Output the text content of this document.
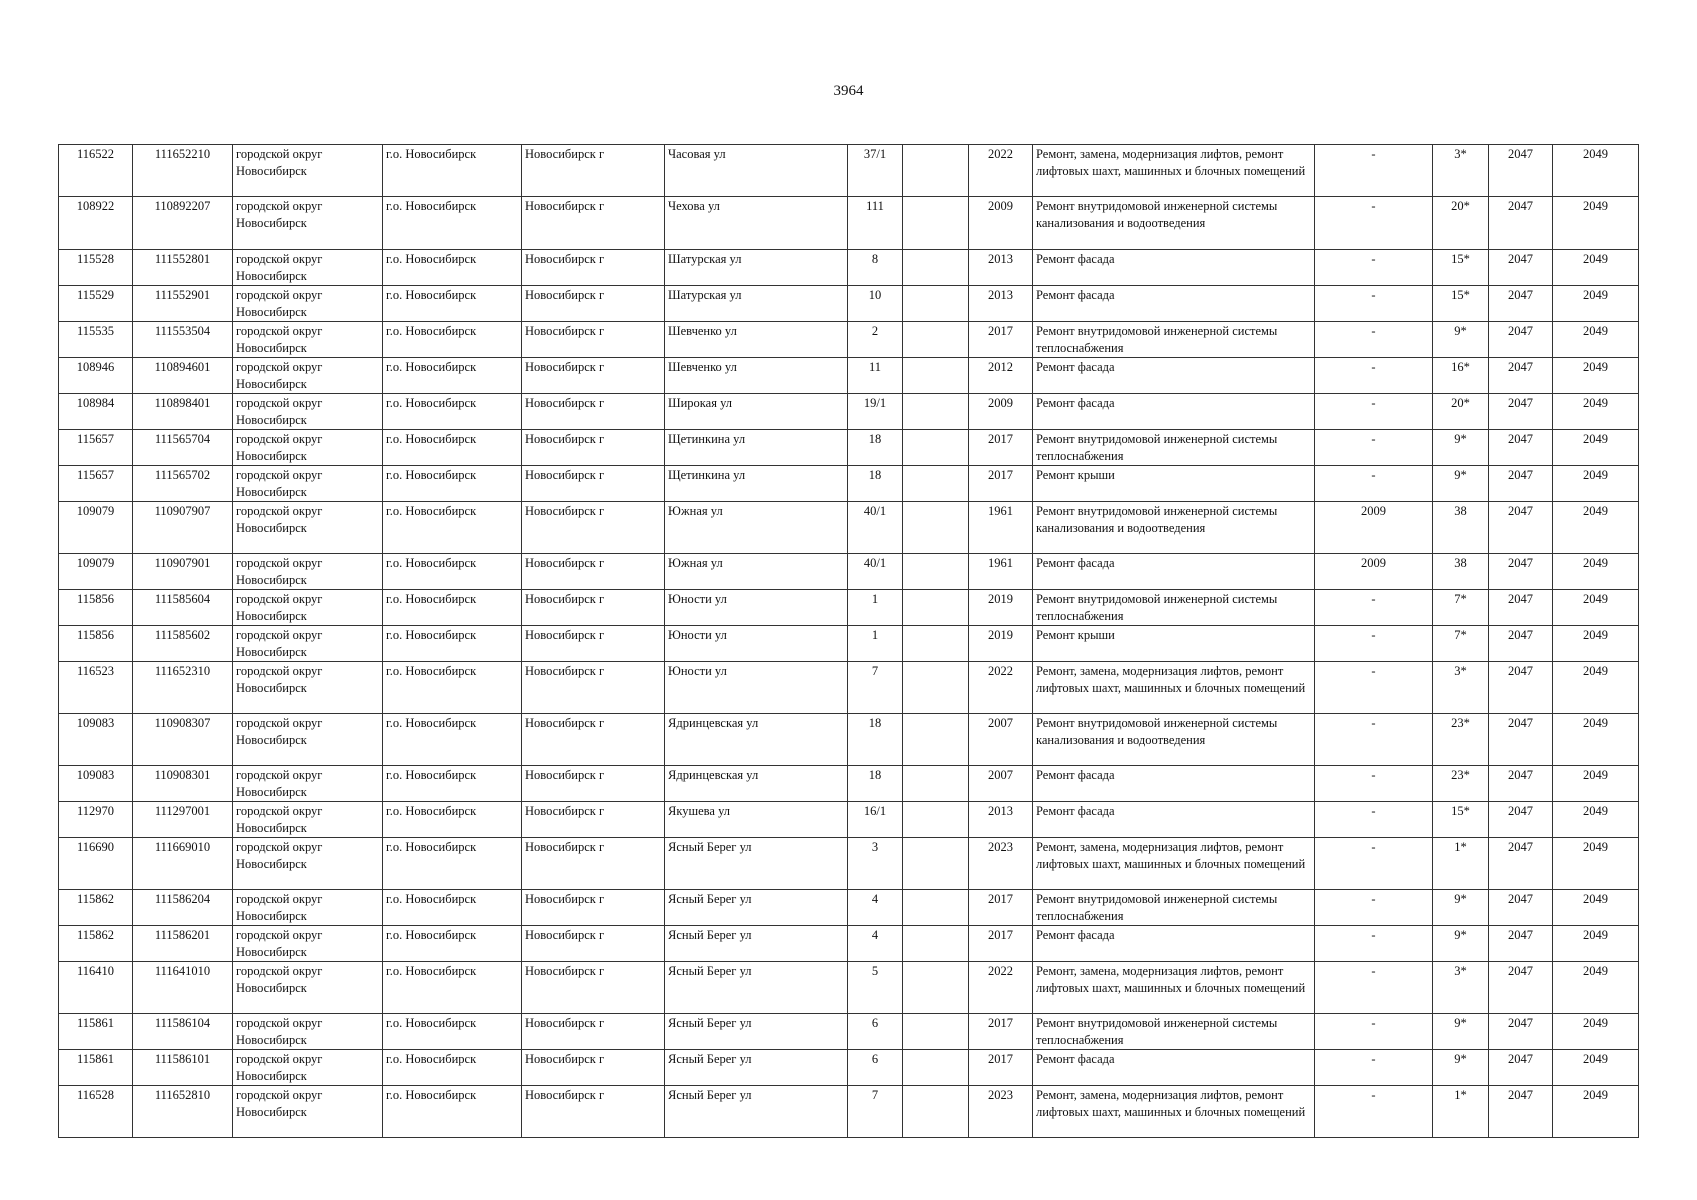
3964
116522	111652210	городской округ Новосибирск	г.о. Новосибирск	Новосибирск г	Часовая ул	37/1		2022	Ремонт, замена, модернизация лифтов, ремонт лифтовых шахт, машинных и блочных помещений	-	3*	2047	2049
108922	110892207	городской округ Новосибирск	г.о. Новосибирск	Новосибирск г	Чехова ул	111		2009	Ремонт внутридомовой инженерной системы канализования и водоотведения	-	20*	2047	2049
115528	111552801	городской округ Новосибирск	г.о. Новосибирск	Новосибирск г	Шатурская ул	8		2013	Ремонт фасада	-	15*	2047	2049
115529	111552901	городской округ Новосибирск	г.о. Новосибирск	Новосибирск г	Шатурская ул	10		2013	Ремонт фасада	-	15*	2047	2049
115535	111553504	городской округ Новосибирск	г.о. Новосибирск	Новосибирск г	Шевченко ул	2		2017	Ремонт внутридомовой инженерной системы теплоснабжения	-	9*	2047	2049
108946	110894601	городской округ Новосибирск	г.о. Новосибирск	Новосибирск г	Шевченко ул	11		2012	Ремонт фасада	-	16*	2047	2049
108984	110898401	городской округ Новосибирск	г.о. Новосибирск	Новосибирск г	Широкая ул	19/1		2009	Ремонт фасада	-	20*	2047	2049
115657	111565704	городской округ Новосибирск	г.о. Новосибирск	Новосибирск г	Щетинкина ул	18		2017	Ремонт внутридомовой инженерной системы теплоснабжения	-	9*	2047	2049
115657	111565702	городской округ Новосибирск	г.о. Новосибирск	Новосибирск г	Щетинкина ул	18		2017	Ремонт крыши	-	9*	2047	2049
109079	110907907	городской округ Новосибирск	г.о. Новосибирск	Новосибирск г	Южная ул	40/1		1961	Ремонт внутридомовой инженерной системы канализования и водоотведения	2009	38	2047	2049
109079	110907901	городской округ Новосибирск	г.о. Новосибирск	Новосибирск г	Южная ул	40/1		1961	Ремонт фасада	2009	38	2047	2049
115856	111585604	городской округ Новосибирск	г.о. Новосибирск	Новосибирск г	Юности ул	1		2019	Ремонт внутридомовой инженерной системы теплоснабжения	-	7*	2047	2049
115856	111585602	городской округ Новосибирск	г.о. Новосибирск	Новосибирск г	Юности ул	1		2019	Ремонт крыши	-	7*	2047	2049
116523	111652310	городской округ Новосибирск	г.о. Новосибирск	Новосибирск г	Юности ул	7		2022	Ремонт, замена, модернизация лифтов, ремонт лифтовых шахт, машинных и блочных помещений	-	3*	2047	2049
109083	110908307	городской округ Новосибирск	г.о. Новосибирск	Новосибирск г	Ядринцевская ул	18		2007	Ремонт внутридомовой инженерной системы канализования и водоотведения	-	23*	2047	2049
109083	110908301	городской округ Новосибирск	г.о. Новосибирск	Новосибирск г	Ядринцевская ул	18		2007	Ремонт фасада	-	23*	2047	2049
112970	111297001	городской округ Новосибирск	г.о. Новосибирск	Новосибирск г	Якушева ул	16/1		2013	Ремонт фасада	-	15*	2047	2049
116690	111669010	городской округ Новосибирск	г.о. Новосибирск	Новосибирск г	Ясный Берег ул	3		2023	Ремонт, замена, модернизация лифтов, ремонт лифтовых шахт, машинных и блочных помещений	-	1*	2047	2049
115862	111586204	городской округ Новосибирск	г.о. Новосибирск	Новосибирск г	Ясный Берег ул	4		2017	Ремонт внутридомовой инженерной системы теплоснабжения	-	9*	2047	2049
115862	111586201	городской округ Новосибирск	г.о. Новосибирск	Новосибирск г	Ясный Берег ул	4		2017	Ремонт фасада	-	9*	2047	2049
116410	111641010	городской округ Новосибирск	г.о. Новосибирск	Новосибирск г	Ясный Берег ул	5		2022	Ремонт, замена, модернизация лифтов, ремонт лифтовых шахт, машинных и блочных помещений	-	3*	2047	2049
115861	111586104	городской округ Новосибирск	г.о. Новосибирск	Новосибирск г	Ясный Берег ул	6		2017	Ремонт внутридомовой инженерной системы теплоснабжения	-	9*	2047	2049
115861	111586101	городской округ Новосибирск	г.о. Новосибирск	Новосибирск г	Ясный Берег ул	6		2017	Ремонт фасада	-	9*	2047	2049
116528	111652810	городской округ Новосибирск	г.о. Новосибирск	Новосибирск г	Ясный Берег ул	7		2023	Ремонт, замена, модернизация лифтов, ремонт лифтовых шахт, машинных и блочных помещений	-	1*	2047	2049
